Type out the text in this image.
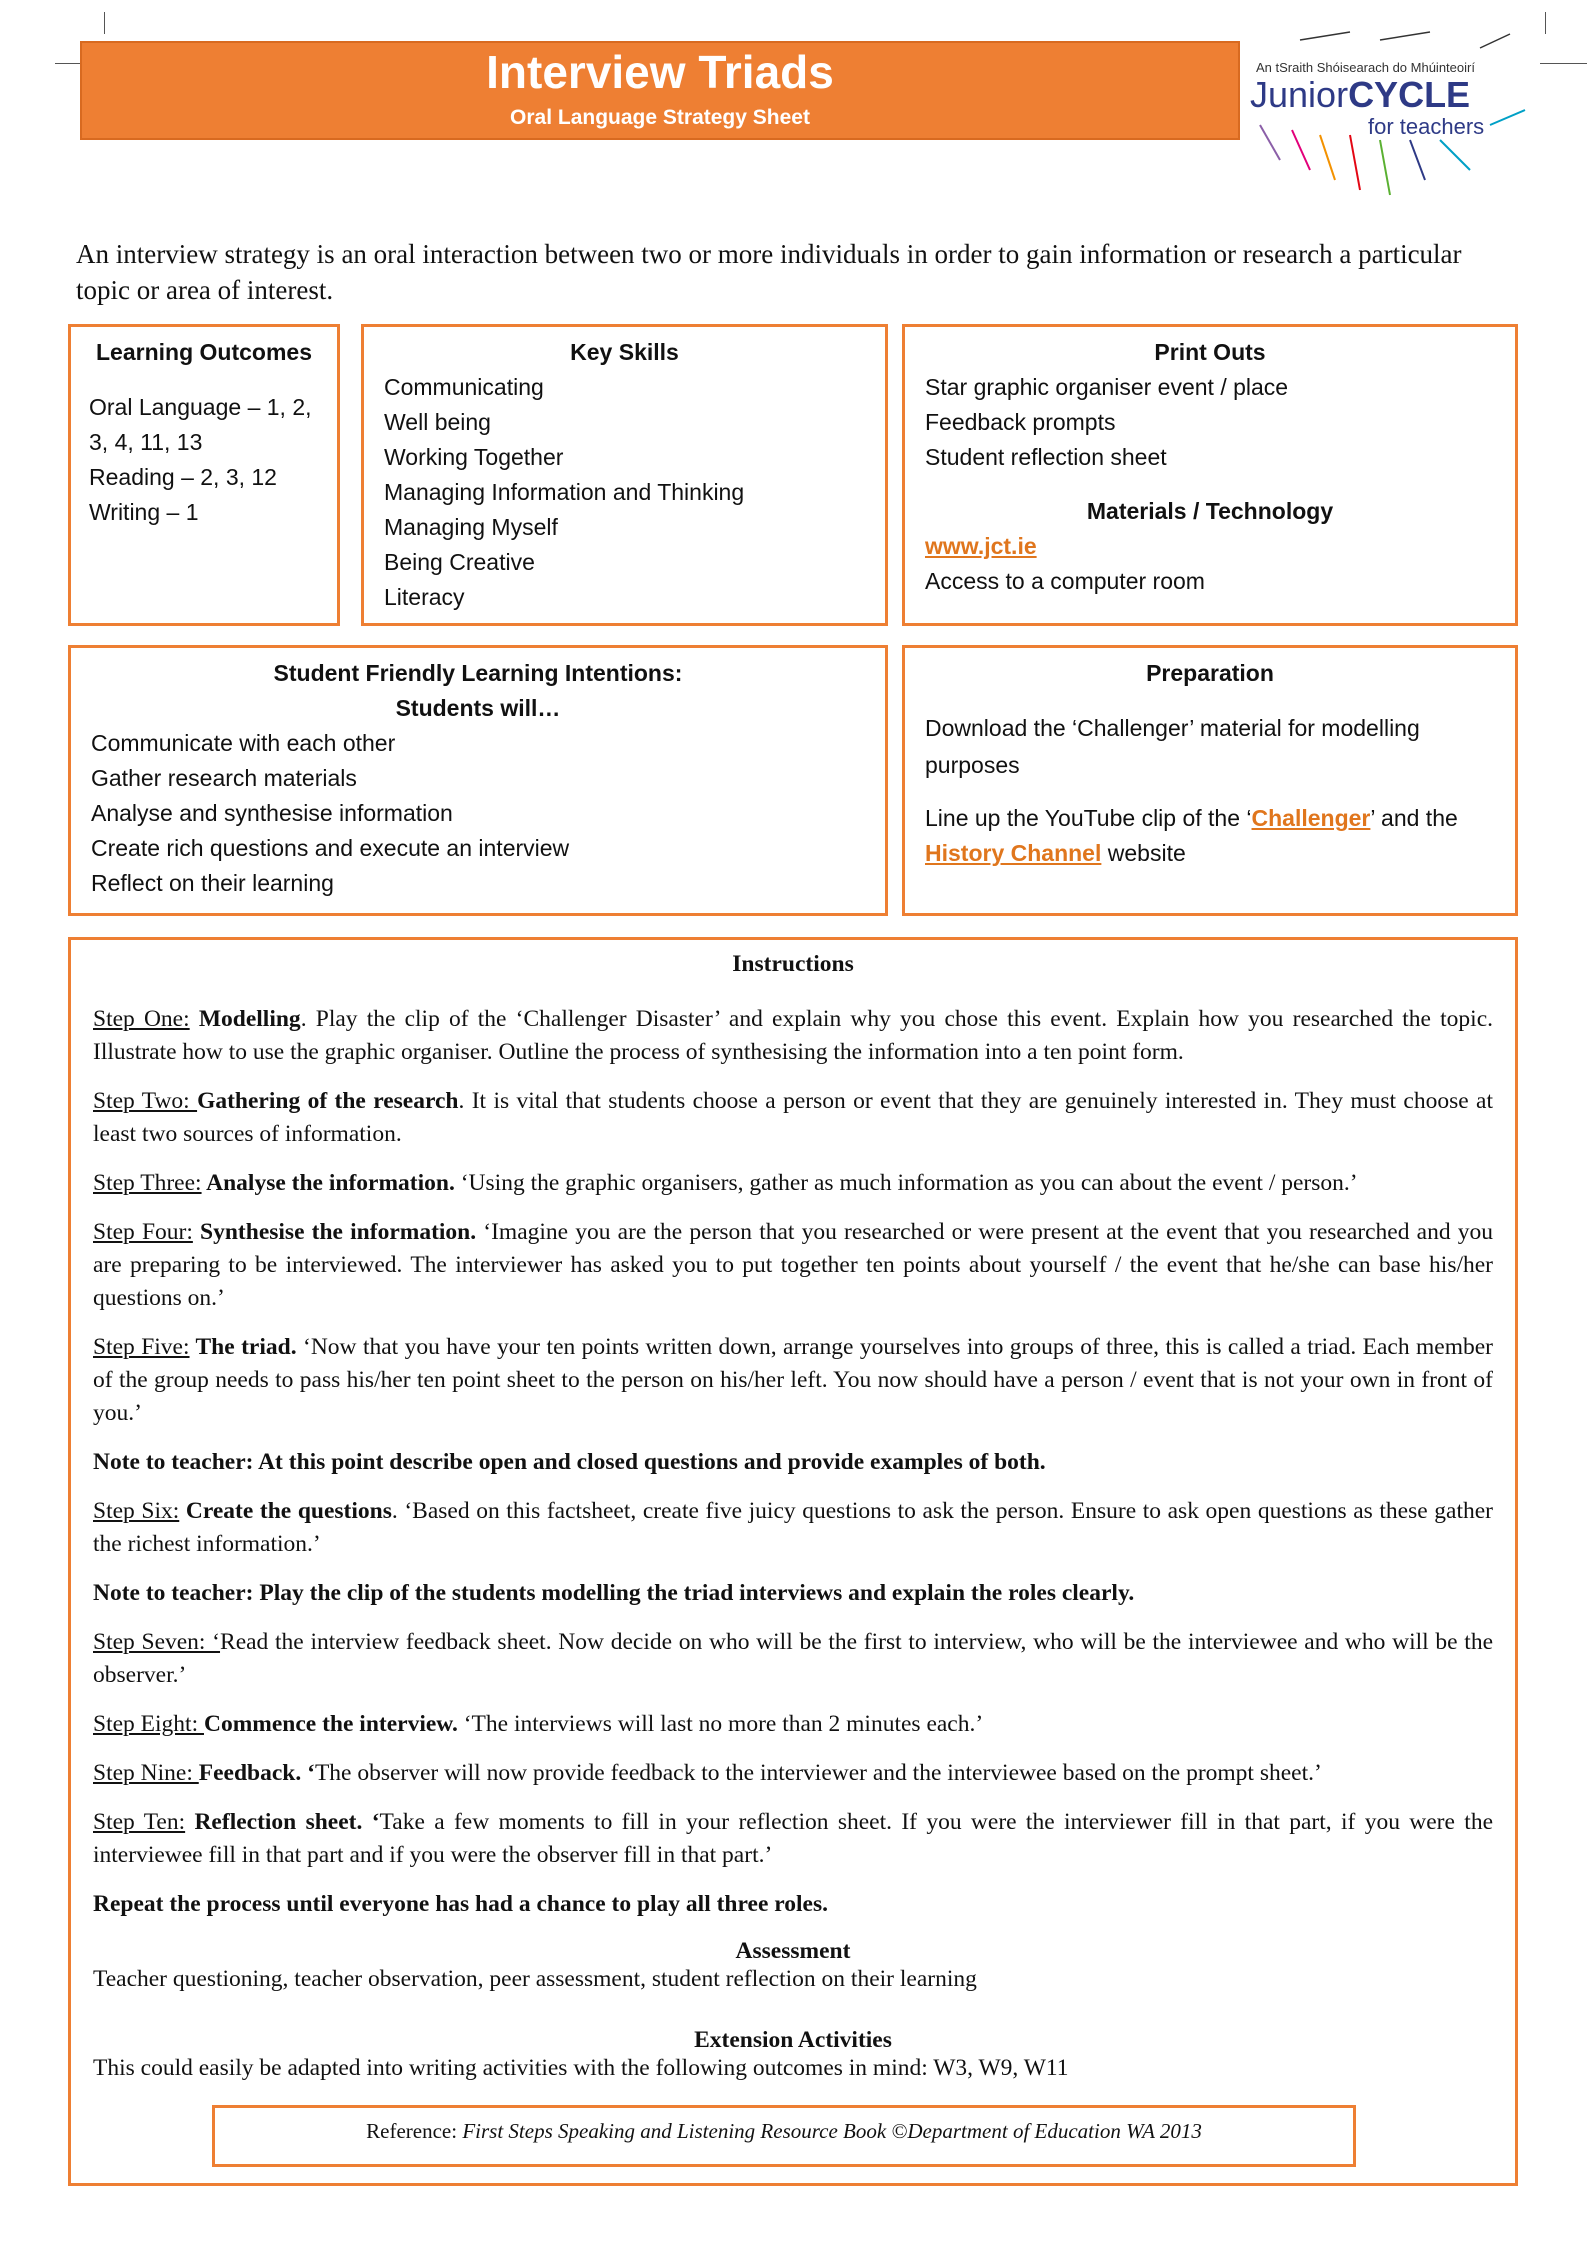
Interview Triads
Oral Language Strategy Sheet
An tSraith Shóisearach do Mhúinteoirí
JuniorCYCLE
for teachers
An interview strategy is an oral interaction between two or more individuals in order to gain information or research a particular topic or area of interest.
Learning Outcomes
Oral Language – 1, 2, 3, 4, 11, 13
Reading – 2, 3, 12
Writing – 1
Key Skills
Communicating
Well being
Working Together
Managing Information and Thinking
Managing Myself
Being Creative
Literacy
Print Outs
Star graphic organiser event / place
Feedback prompts
Student reflection sheet
Materials / Technology
www.jct.ie
Access to a computer room
Student Friendly Learning Intentions:
Students will…
Communicate with each other
Gather research materials
Analyse and synthesise information
Create rich questions and execute an interview
Reflect on their learning
Preparation
Download the ‘Challenger’ material for modelling purposes
Line up the YouTube clip of the ‘Challenger’ and the History Channel website
Instructions
Step One: Modelling. Play the clip of the ‘Challenger Disaster’ and explain why you chose this event. Explain how you researched the topic. Illustrate how to use the graphic organiser. Outline the process of synthesising the information into a ten point form.
Step Two: Gathering of the research. It is vital that students choose a person or event that they are genuinely interested in. They must choose at least two sources of information.
Step Three: Analyse the information. ‘Using the graphic organisers, gather as much information as you can about the event / person.’
Step Four: Synthesise the information. ‘Imagine you are the person that you researched or were present at the event that you researched and you are preparing to be interviewed. The interviewer has asked you to put together ten points about yourself / the event that he/she can base his/her questions on.’
Step Five: The triad. ‘Now that you have your ten points written down, arrange yourselves into groups of three, this is called a triad. Each member of the group needs to pass his/her ten point sheet to the person on his/her left. You now should have a person / event that is not your own in front of you.’
Note to teacher: At this point describe open and closed questions and provide examples of both.
Step Six: Create the questions. ‘Based on this factsheet, create five juicy questions to ask the person. Ensure to ask open questions as these gather the richest information.’
Note to teacher: Play the clip of the students modelling the triad interviews and explain the roles clearly.
Step Seven: ‘Read the interview feedback sheet. Now decide on who will be the first to interview, who will be the interviewee and who will be the observer.’
Step Eight: Commence the interview. ‘The interviews will last no more than 2 minutes each.’
Step Nine: Feedback. ‘The observer will now provide feedback to the interviewer and the interviewee based on the prompt sheet.’
Step Ten: Reflection sheet. ‘Take a few moments to fill in your reflection sheet. If you were the interviewer fill in that part, if you were the interviewee fill in that part and if you were the observer fill in that part.’
Repeat the process until everyone has had a chance to play all three roles.
Assessment
Teacher questioning, teacher observation, peer assessment, student reflection on their learning
Extension Activities
This could easily be adapted into writing activities with the following outcomes in mind: W3, W9, W11
Reference: First Steps Speaking and Listening Resource Book ©Department of Education WA 2013
